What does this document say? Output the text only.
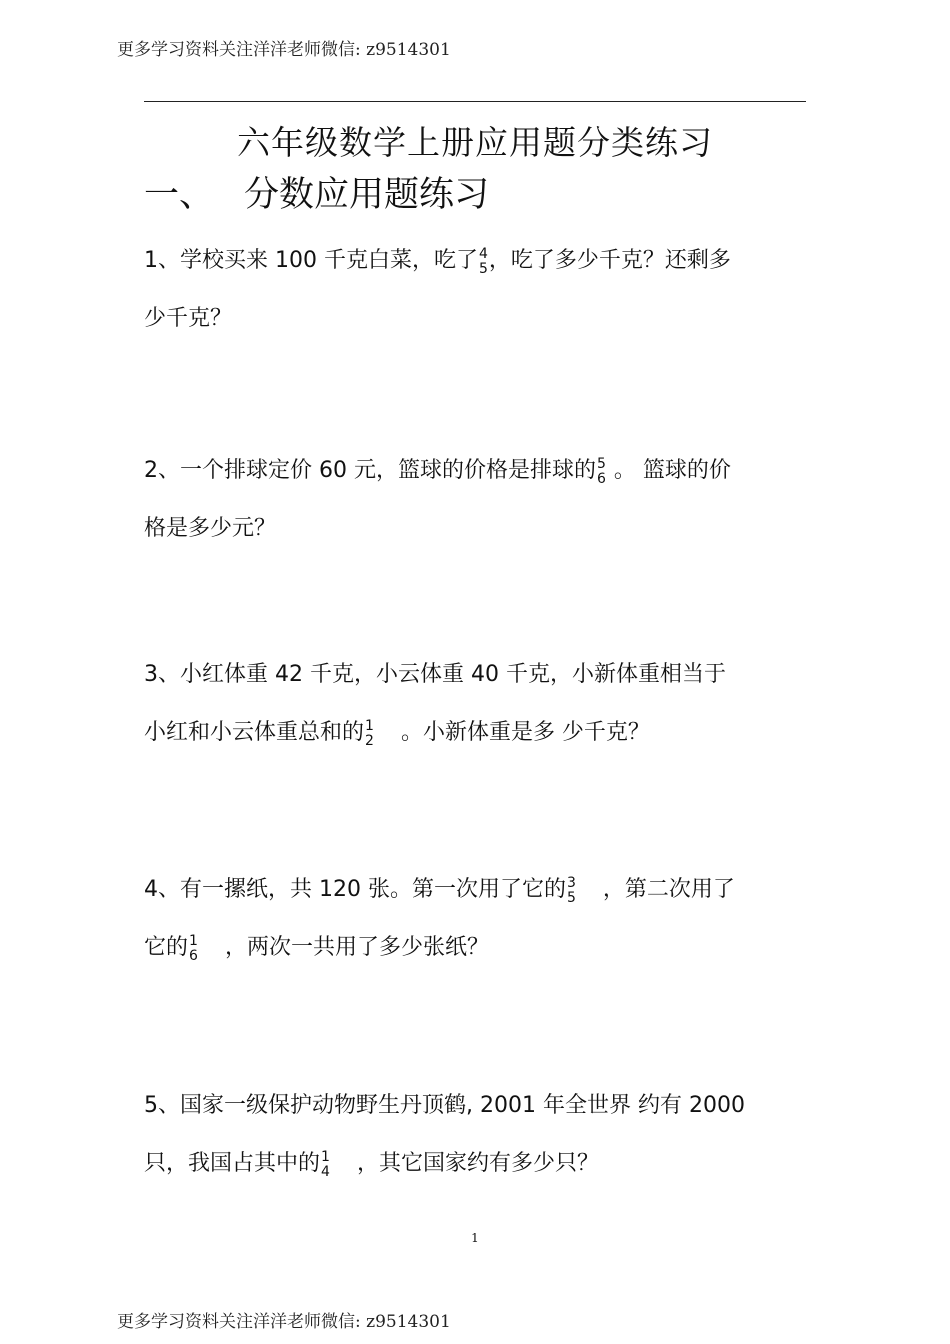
更多学习资料关注洋洋老师微信: z9514301
六年级数学上册应用题分类练习
一、 分数应用题练习
1、学校买来 100 千克白菜，吃了 4
5 ，吃了多少千克？还剩多
少千克？
2、一个排球定价 60 元，篮球的价格是排球的 5
6 。 篮球的价
格是多少元？
3、小红体重 42 千克，小云体重 40 千克，小新体重相当于
小红和小云体重总和的 1
2 。小新体重是多 少千克？
4、有一摞纸，共 120 张。第一次用了它的 3
5 ，第二次用了
它的 1
6 ，两次一共用了多少张纸？
5、国家一级保护动物野生丹顶鹤, 2001 年全世界 约有 2000
只，我国占其中的 1
4 ，其它国家约有多少只？
1
更多学习资料关注洋洋老师微信: z9514301
